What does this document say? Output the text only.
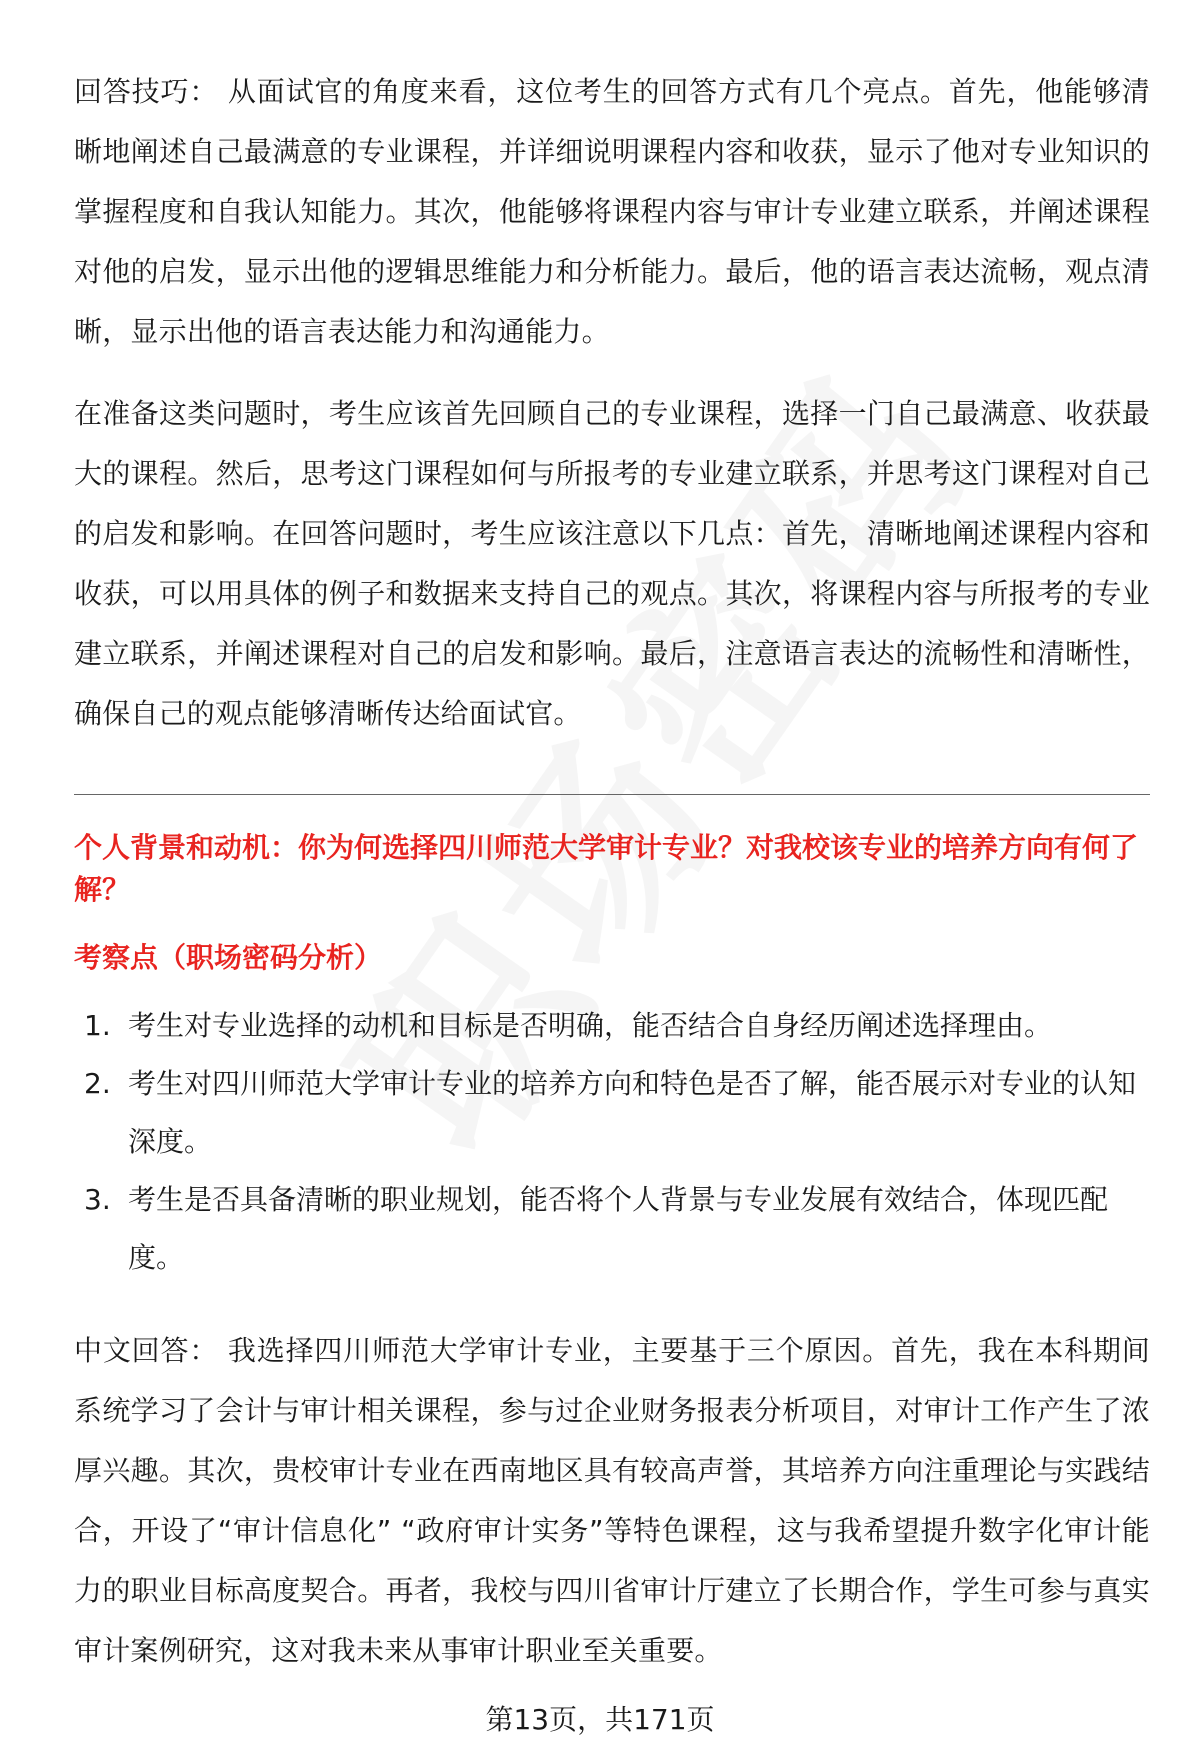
回答技巧： 从面试官的角度来看，这位考生的回答方式有几个亮点。首先，他能够清晰地阐述自己最满意的专业课程，并详细说明课程内容和收获，显示了他对专业知识的掌握程度和自我认知能力。其次，他能够将课程内容与审计专业建立联系，并阐述课程对他的启发，显示出他的逻辑思维能力和分析能力。最后，他的语言表达流畅，观点清晰，显示出他的语言表达能力和沟通能力。

在准备这类问题时，考生应该首先回顾自己的专业课程，选择一门自己最满意、收获最大的课程。然后，思考这门课程如何与所报考的专业建立联系，并思考这门课程对自己的启发和影响。在回答问题时，考生应该注意以下几点：首先，清晰地阐述课程内容和收获，可以用具体的例子和数据来支持自己的观点。其次，将课程内容与所报考的专业建立联系，并阐述课程对自己的启发和影响。最后，注意语言表达的流畅性和清晰性，确保自己的观点能够清晰传达给面试官。

个人背景和动机：你为何选择四川师范大学审计专业？对我校该专业的培养方向有何了解？

考察点（职场密码分析）

1. 考生对专业选择的动机和目标是否明确，能否结合自身经历阐述选择理由。
2. 考生对四川师范大学审计专业的培养方向和特色是否了解，能否展示对专业的认知深度。
3. 考生是否具备清晰的职业规划，能否将个人背景与专业发展有效结合，体现匹配度。

中文回答： 我选择四川师范大学审计专业，主要基于三个原因。首先，我在本科期间系统学习了会计与审计相关课程，参与过企业财务报表分析项目，对审计工作产生了浓厚兴趣。其次，贵校审计专业在西南地区具有较高声誉，其培养方向注重理论与实践结合，开设了“审计信息化” “政府审计实务”等特色课程，这与我希望提升数字化审计能力的职业目标高度契合。再者，我校与四川省审计厅建立了长期合作，学生可参与真实审计案例研究，这对我未来从事审计职业至关重要。

第13页，共171页
